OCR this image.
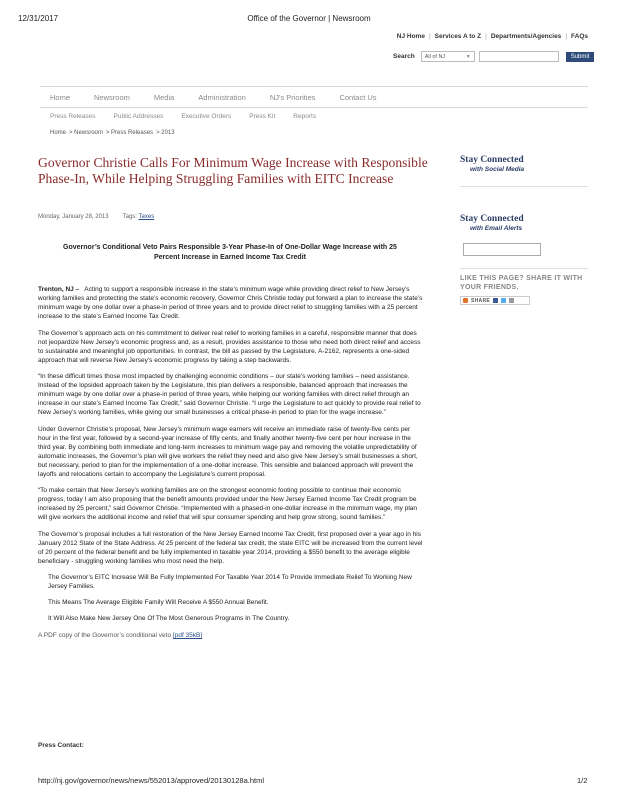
12/31/2017	Office of the Governor | Newsroom
NJ Home | Services A to Z | Departments/Agencies | FAQs
Search All of NJ	▼	Submit
Home	Newsroom	Media	Administration	NJ's Priorities	Contact Us
Press Releases	Public Addresses	Executive Orders	Press Kit	Reports
Home > Newsroom > Press Releases > 2013
Governor Christie Calls For Minimum Wage Increase with Responsible Phase-In, While Helping Struggling Families with EITC Increase
Monday, January 28, 2013 Tags: Taxes
Governor’s Conditional Veto Pairs Responsible 3-Year Phase-In of One-Dollar Wage Increase with 25 Percent Increase in Earned Income Tax Credit

Trenton, NJ – Acting to support a responsible increase in the state’s minimum wage while providing direct relief to New Jersey’s working families and protecting the state’s economic recovery, Governor Chris Christie today put forward a plan to increase the state’s minimum wage by one dollar over a phase-in period of three years and to provide direct relief to struggling families with a 25 percent increase to the state’s Earned Income Tax Credit.

The Governor’s approach acts on his commitment to deliver real relief to working families in a careful, responsible manner that does not jeopardize New Jersey’s economic progress and, as a result, provides assistance to those who need both direct relief and access to sustainable and meaningful job opportunities. In contrast, the bill as passed by the Legislature, A-2162, represents a one-sided approach that will reverse New Jersey’s economic progress by taking a step backwards.

“In these difficult times those most impacted by challenging economic conditions – our state’s working families – need assistance. Instead of the lopsided approach taken by the Legislature, this plan delivers a responsible, balanced approach that increases the minimum wage by one dollar over a phase-in period of three years, while helping our working families with direct relief through an increase in our state’s Earned Income Tax Credit,” said Governor Christie. “I urge the Legislature to act quickly to provide real relief to New Jersey’s working families, while giving our small businesses a critical phase-in period to plan for the wage increase.”

Under Governor Christie’s proposal, New Jersey’s minimum wage earners will receive an immediate raise of twenty-five cents per hour in the first year, followed by a second-year increase of fifty cents, and finally another twenty-five cent per hour increase in the third year. By combining both immediate and long-term increases to minimum wage pay and removing the volatile unpredictability of automatic increases, the Governor’s plan will give workers the relief they need and also give New Jersey’s small businesses a short, but necessary, period to plan for the implementation of a one-dollar increase. This sensible and balanced approach will prevent the layoffs and relocations certain to accompany the Legislature’s current proposal.

“To make certain that New Jersey’s working families are on the strongest economic footing possible to continue their economic progress, today I am also proposing that the benefit amounts provided under the New Jersey Earned Income Tax Credit program be increased by 25 percent,” said Governor Christie. “Implemented with a phased-in one-dollar increase in the minimum wage, my plan will give workers the additional income and relief that will spur consumer spending and help grow strong, sound families.”

The Governor’s proposal includes a full restoration of the New Jersey Earned Income Tax Credit, first proposed over a year ago in his January 2012 State of the State Address. At 25 percent of the federal tax credit, the state EITC will be increased from the current level of 20 percent of the federal benefit and be fully implemented in taxable year 2014, providing a $550 benefit to the average eligible beneficiary - struggling working families who most need the help.

The Governor’s EITC Increase Will Be Fully Implemented For Taxable Year 2014 To Provide Immediate Relief To Working New Jersey Families.
This Means The Average Eligible Family Will Receive A $550 Annual Benefit.
It Will Also Make New Jersey One Of The Most Generous Programs In The Country.

A PDF copy of the Governor’s conditional veto [pdf 35kB]

Press Contact:
Stay Connected
with Social Media
Stay Connected
with Email Alerts
LIKE THIS PAGE? SHARE IT WITH YOUR FRIENDS.
SHARE
http://nj.gov/governor/news/news/552013/approved/20130128a.html	1/2
